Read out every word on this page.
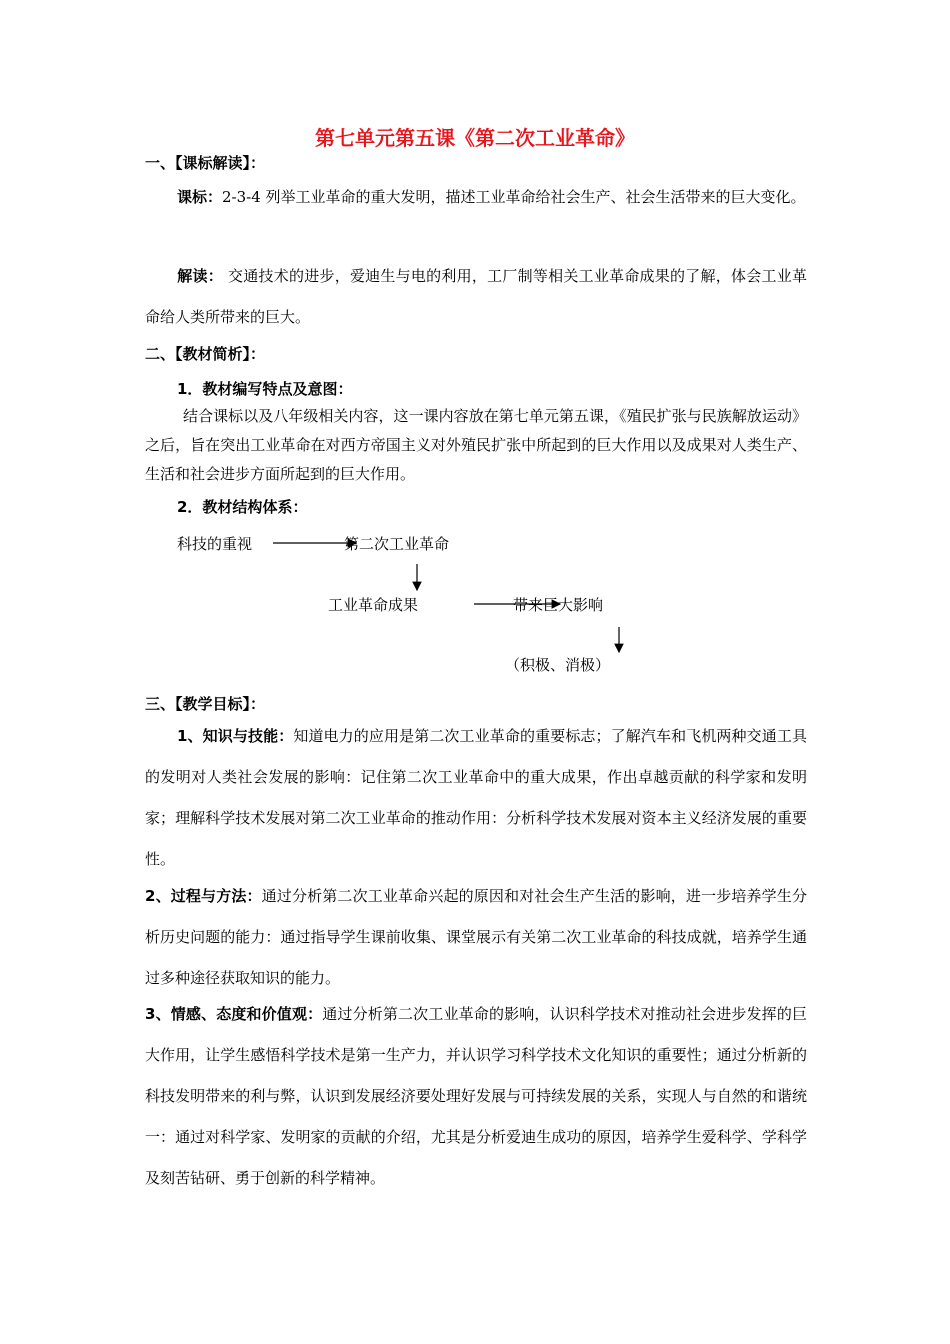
第七单元第五课《第二次工业革命》
一、【课标解读】：
课标：2-3-4 列举工业革命的重大发明，描述工业革命给社会生产、社会生活带来的巨大变化。
解读： 交通技术的进步，爱迪生与电的利用，工厂制等相关工业革命成果的了解，体会工业革命给人类所带来的巨大。
二、【教材简析】：
1．教材编写特点及意图：
结合课标以及八年级相关内容，这一课内容放在第七单元第五课，《殖民扩张与民族解放运动》之后，旨在突出工业革命在对西方帝国主义对外殖民扩张中所起到的巨大作用以及成果对人类生产、生活和社会进步方面所起到的巨大作用。
2．教材结构体系：
科技的重视	第二次工业革命
工业革命成果	带来巨大影响
（积极、消极）
三、【教学目标】：
1、知识与技能：知道电力的应用是第二次工业革命的重要标志；了解汽车和飞机两种交通工具的发明对人类社会发展的影响：记住第二次工业革命中的重大成果，作出卓越贡献的科学家和发明家；理解科学技术发展对第二次工业革命的推动作用：分析科学技术发展对资本主义经济发展的重要性。
2、过程与方法：通过分析第二次工业革命兴起的原因和对社会生产生活的影响，进一步培养学生分析历史问题的能力：通过指导学生课前收集、课堂展示有关第二次工业革命的科技成就，培养学生通过多种途径获取知识的能力。
3、情感、态度和价值观：通过分析第二次工业革命的影响，认识科学技术对推动社会进步发挥的巨大作用，让学生感悟科学技术是第一生产力，并认识学习科学技术文化知识的重要性；通过分析新的科技发明带来的利与弊，认识到发展经济要处理好发展与可持续发展的关系，实现人与自然的和谐统一：通过对科学家、发明家的贡献的介绍，尤其是分析爱迪生成功的原因，培养学生爱科学、学科学及刻苦钻研、勇于创新的科学精神。
